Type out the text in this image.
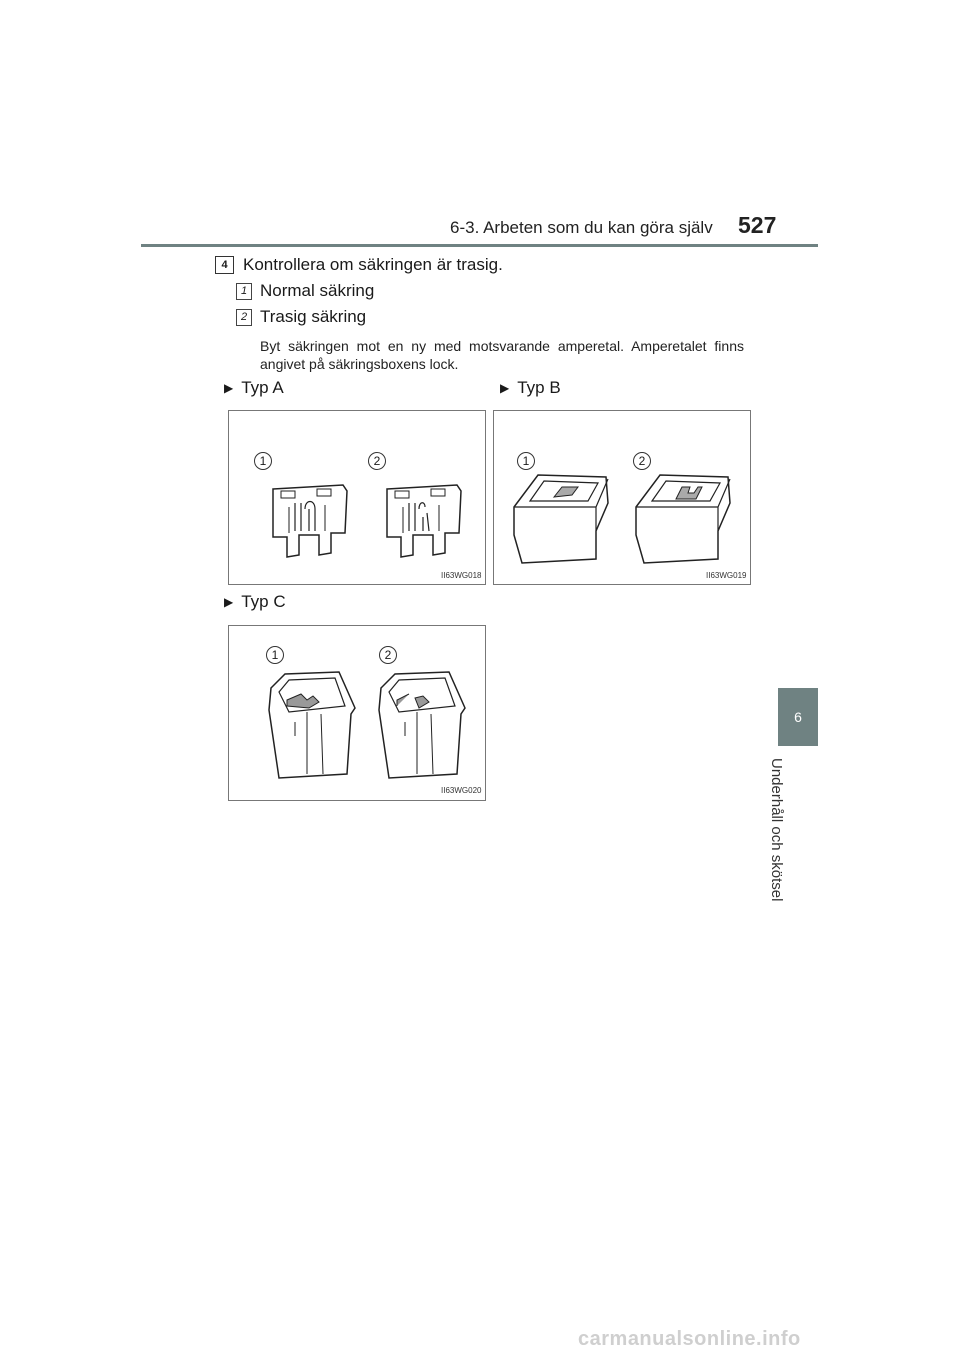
6-3. Arbeten som du kan göra själv 527
6
Underhåll och skötsel
4 Kontrollera om säkringen är trasig.
1 Normal säkring
2 Trasig säkring
Byt säkringen mot en ny med motsvarande amperetal. Amperetalet finns angivet på säkringsboxens lock.
▶ Typ A	▶ Typ B
▶ Typ C
1	2
II63WG018
1	2
II63WG019
1	2
II63WG020
carmanualsonline.info
